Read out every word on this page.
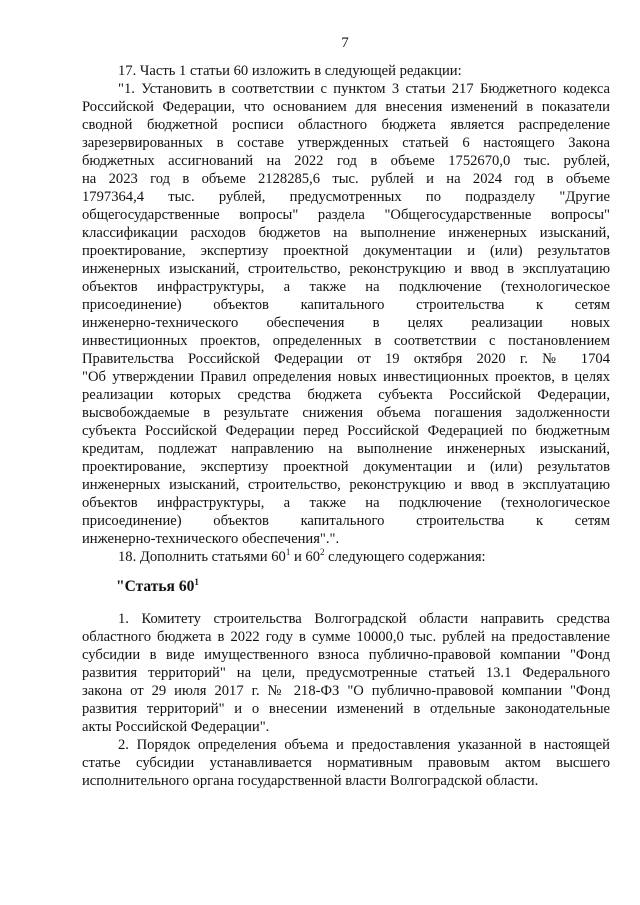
7
17. Часть 1 статьи 60 изложить в следующей редакции:
"1. Установить в соответствии с пунктом 3 статьи 217 Бюджетного кодекса
Российской Федерации, что основанием для внесения изменений в показатели
сводной бюджетной росписи областного бюджета является распределение
зарезервированных в составе утвержденных статьей 6 настоящего Закона
бюджетных ассигнований на 2022 год в объеме 1752670,0 тыс. рублей,
на 2023 год в объеме 2128285,6 тыс. рублей и на 2024 год в объеме
1797364,4 тыс. рублей, предусмотренных по подразделу "Другие
общегосударственные вопросы" раздела "Общегосударственные вопросы"
классификации расходов бюджетов на выполнение инженерных изысканий,
проектирование, экспертизу проектной документации и (или) результатов
инженерных изысканий, строительство, реконструкцию и ввод в эксплуатацию
объектов инфраструктуры, а также на подключение (технологическое
присоединение) объектов капитального строительства к сетям
инженерно-технического обеспечения в целях реализации новых
инвестиционных проектов, определенных в соответствии с постановлением
Правительства Российской Федерации от 19 октября 2020 г. № 1704
"Об утверждении Правил определения новых инвестиционных проектов, в целях
реализации которых средства бюджета субъекта Российской Федерации,
высвобождаемые в результате снижения объема погашения задолженности
субъекта Российской Федерации перед Российской Федерацией по бюджетным
кредитам, подлежат направлению на выполнение инженерных изысканий,
проектирование, экспертизу проектной документации и (или) результатов
инженерных изысканий, строительство, реконструкцию и ввод в эксплуатацию
объектов инфраструктуры, а также на подключение (технологическое
присоединение) объектов капитального строительства к сетям
инженерно-технического обеспечения".".
18. Дополнить статьями $60^1$ и $60^2$ следующего содержания:
"Статья $60^1$
1. Комитету строительства Волгоградской области направить средства
областного бюджета в 2022 году в сумме 10000,0 тыс. рублей на предоставление
субсидии в виде имущественного взноса публично-правовой компании "Фонд
развития территорий" на цели, предусмотренные статьей 13.1 Федерального
закона от 29 июля 2017 г. № 218-ФЗ "О публично-правовой компании "Фонд
развития территорий" и о внесении изменений в отдельные законодательные
акты Российской Федерации".
2. Порядок определения объема и предоставления указанной в настоящей
статье субсидии устанавливается нормативным правовым актом высшего
исполнительного органа государственной власти Волгоградской области.
